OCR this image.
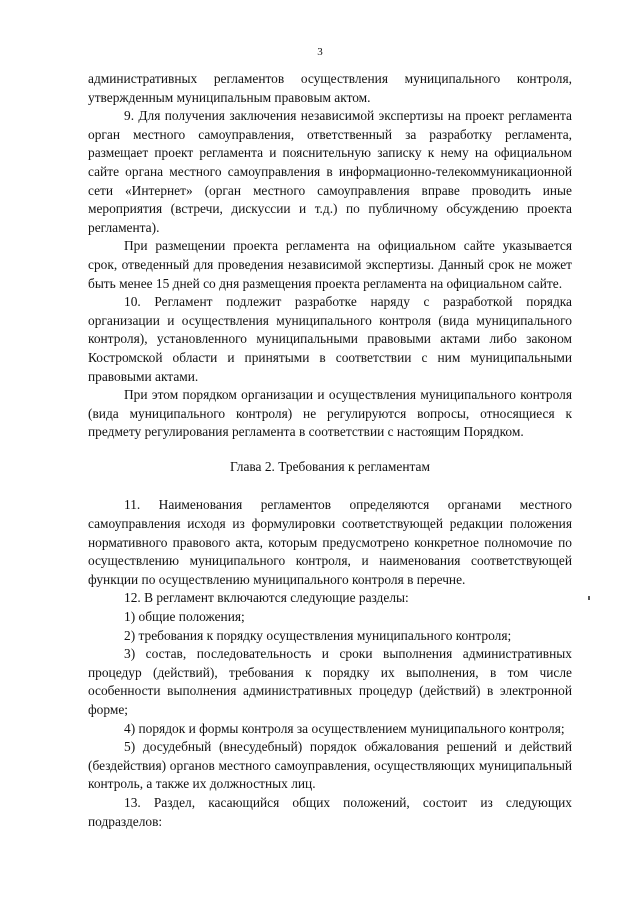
3

административных регламентов осуществления муниципального контроля, утвержденным муниципальным правовым актом.

9. Для получения заключения независимой экспертизы на проект регламента орган местного самоуправления, ответственный за разработку регламента, размещает проект регламента и пояснительную записку к нему на официальном сайте органа местного самоуправления в информационно-телекоммуникационной сети «Интернет» (орган местного самоуправления вправе проводить иные мероприятия (встречи, дискуссии и т.д.) по публичному обсуждению проекта регламента).

При размещении проекта регламента на официальном сайте указывается срок, отведенный для проведения независимой экспертизы. Данный срок не может быть менее 15 дней со дня размещения проекта регламента на официальном сайте.

10. Регламент подлежит разработке наряду с разработкой порядка организации и осуществления муниципального контроля (вида муниципального контроля), установленного муниципальными правовыми актами либо законом Костромской области и принятыми в соответствии с ним муниципальными правовыми актами.

При этом порядком организации и осуществления муниципального контроля (вида муниципального контроля) не регулируются вопросы, относящиеся к предмету регулирования регламента в соответствии с настоящим Порядком.

Глава 2. Требования к регламентам

11. Наименования регламентов определяются органами местного самоуправления исходя из формулировки соответствующей редакции положения нормативного правового акта, которым предусмотрено конкретное полномочие по осуществлению муниципального контроля, и наименования соответствующей функции по осуществлению муниципального контроля в перечне.

12. В регламент включаются следующие разделы:

1) общие положения;

2) требования к порядку осуществления муниципального контроля;

3) состав, последовательность и сроки выполнения административных процедур (действий), требования к порядку их выполнения, в том числе особенности выполнения административных процедур (действий) в электронной форме;

4) порядок и формы контроля за осуществлением муниципального контроля;

5) досудебный (внесудебный) порядок обжалования решений и действий (бездействия) органов местного самоуправления, осуществляющих муниципальный контроль, а также их должностных лиц.

13. Раздел, касающийся общих положений, состоит из следующих подразделов:
